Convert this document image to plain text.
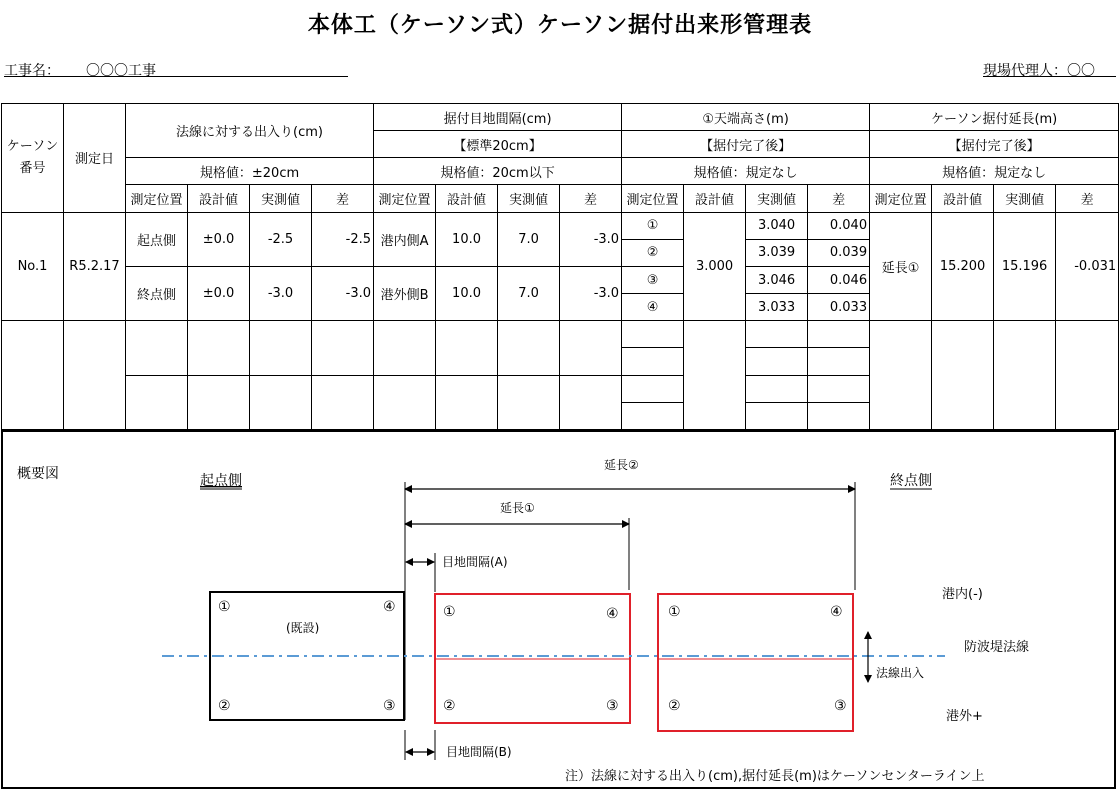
本体工（ケーソン式）ケーソン据付出来形管理表
工事名： 〇〇〇工事	現場代理人：〇〇
ケーソン
番号	測定日	法線に対する出入り(cm)				据付目地間隔(cm)				①天端高さ(m)				ケーソン据付延長(m)			
						【標準20cm】				【据付完了後】				【据付完了後】			
		規格値：±20cm				規格値：20cm以下				規格値：規定なし				規格値：規定なし			
		測定位置	設計値	実測値	差	測定位置	設計値	実測値	差	測定位置	設計値	実測値	差	測定位置	設計値	実測値	差
No.1	R5.2.17	起点側	±0.0	-2.5	-2.5	港内側A	10.0	7.0	-3.0	①	3.000	3.040	0.040	延長①	15.200	15.196	-0.031
										②		3.039	0.039				
		終点側	±0.0	-3.0	-3.0	港外側B	10.0	7.0	-3.0	③		3.046	0.046				
										④		3.033	0.033				

概要図	起点側	終点側
延長②
延長①
目地間隔(A)
目地間隔(B)
(既設)
①	④
②	③
①	④
②	③
①	④
②	③
法線出入
港内(-)
防波堤法線
港外+
注）法線に対する出入り(cm),据付延長(m)はケーソンセンターライン上
